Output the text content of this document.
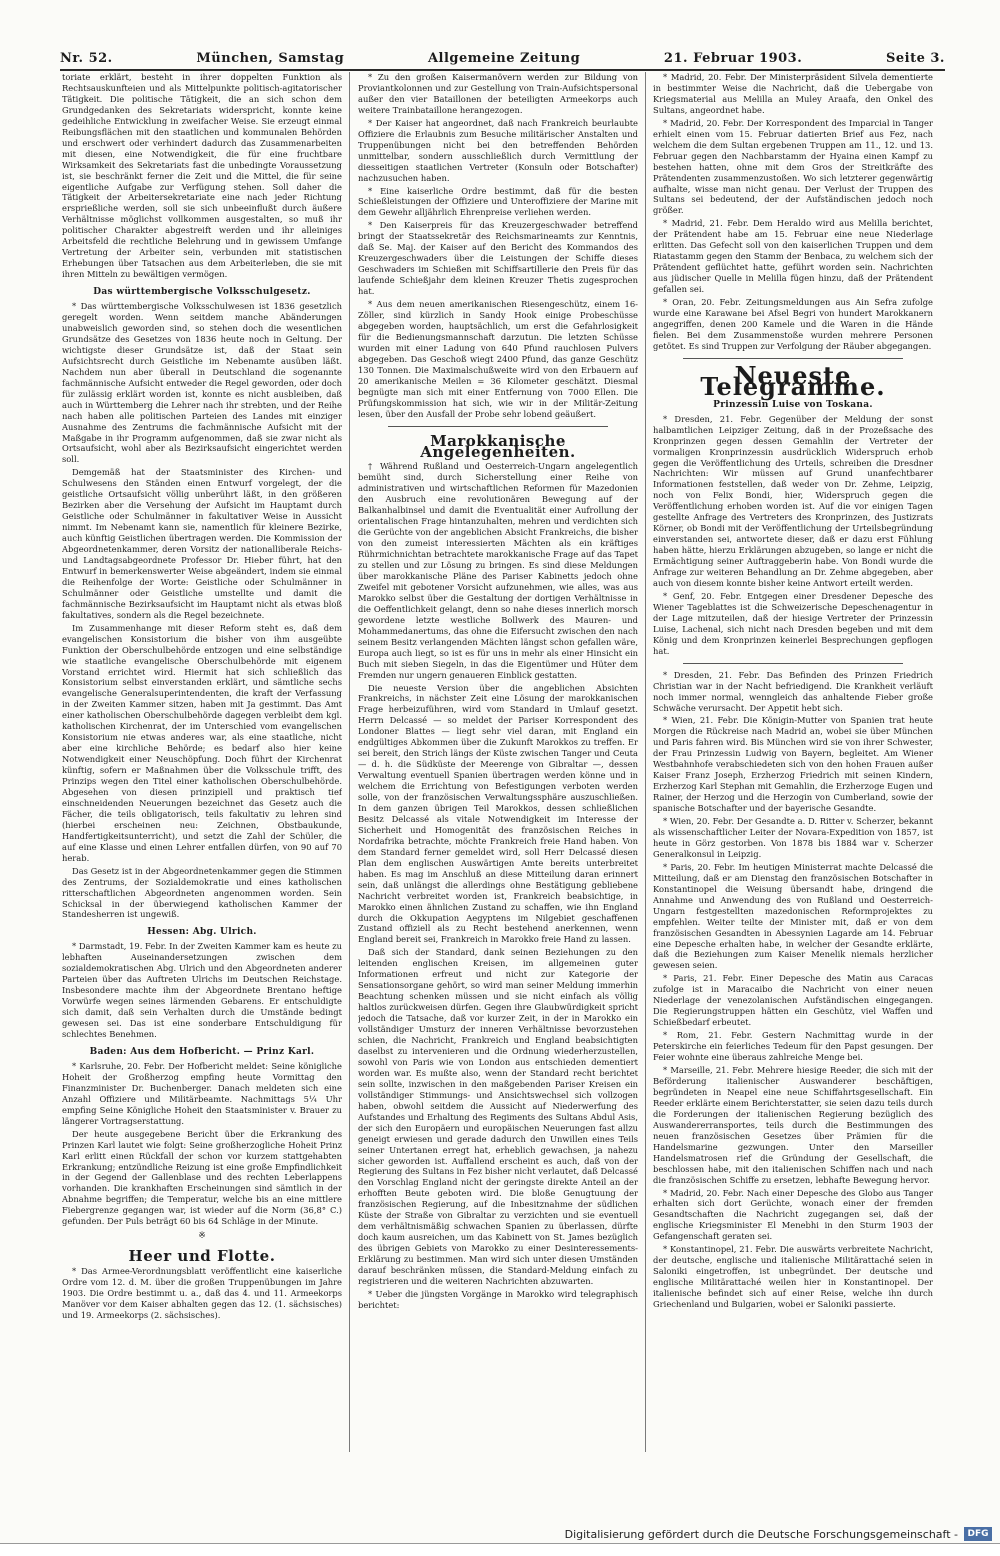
Nr. 52.	München, Samstag	Allgemeine Zeitung	21. Februar 1903.	Seite 3.

toriate erklärt, besteht in ihrer doppelten Funktion als Rechtsauskunfteien und als Mittelpunkte politisch-agitatorischer Tätigkeit. Die politische Tätigkeit, die an sich schon dem Grundgedanken des Sekretariats widerspricht, konnte keine gedeihliche Entwicklung in zweifacher Weise. Sie erzeugt einmal Reibungsflächen mit den staatlichen und kommunalen Behörden und erschwert oder verhindert dadurch das Zusammenarbeiten mit diesen, eine Notwendigkeit, die für eine fruchtbare Wirksamkeit des Sekretariats fast die unbedingte Voraussetzung ist, sie beschränkt ferner die Zeit und die Mittel, die für seine eigentliche Aufgabe zur Verfügung stehen. Soll daher die Tätigkeit der Arbeitersekretariate eine nach jeder Richtung ersprießliche werden, soll sie sich unbeeinflußt durch äußere Verhältnisse möglichst vollkommen ausgestalten, so muß ihr politischer Charakter abgestreift werden und ihr alleiniges Arbeitsfeld die rechtliche Belehrung und in gewissem Umfange Vertretung der Arbeiter sein, verbunden mit statistischen Erhebungen über Tatsachen aus dem Arbeiterleben, die sie mit ihren Mitteln zu bewältigen vermögen.

Das württembergische Volksschulgesetz.

* Das württembergische Volksschulwesen ist 1836 gesetzlich geregelt worden. Wenn seitdem manche Abänderungen unabweislich geworden sind, so stehen doch die wesentlichen Grundsätze des Gesetzes von 1836 heute noch in Geltung. Der wichtigste dieser Grundsätze ist, daß der Staat sein Aufsichtsrecht durch Geistliche im Nebenamte ausüben läßt. Nachdem nun aber überall in Deutschland die sogenannte fachmännische Aufsicht entweder die Regel geworden, oder doch für zulässig erklärt worden ist, konnte es nicht ausbleiben, daß auch in Württemberg die Lehrer nach ihr strebten, und der Reihe nach haben alle politischen Parteien des Landes mit einziger Ausnahme des Zentrums die fachmännische Aufsicht mit der Maßgabe in ihr Programm aufgenommen, daß sie zwar nicht als Ortsaufsicht, wohl aber als Bezirksaufsicht eingerichtet werden soll.

Demgemäß hat der Staatsminister des Kirchen- und Schulwesens den Ständen einen Entwurf vorgelegt, der die geistliche Ortsaufsicht völlig unberührt läßt, in den größeren Bezirken aber die Versehung der Aufsicht im Hauptamt durch Geistliche oder Schulmänner in fakultativer Weise in Aussicht nimmt. Im Nebenamt kann sie, namentlich für kleinere Bezirke, auch künftig Geistlichen übertragen werden. Die Kommission der Abgeordnetenkammer, deren Vorsitz der nationalliberale Reichs- und Landtagsabgeordnete Professor Dr. Hieber führt, hat den Entwurf in bemerkenswerter Weise abgeändert, indem sie einmal die Reihenfolge der Worte: Geistliche oder Schulmänner in Schulmänner oder Geistliche umstellte und damit die fachmännische Bezirksaufsicht im Hauptamt nicht als etwas bloß fakultatives, sondern als die Regel bezeichnete.

Im Zusammenhange mit dieser Reform steht es, daß dem evangelischen Konsistorium die bisher von ihm ausgeübte Funktion der Oberschulbehörde entzogen und eine selbständige wie staatliche evangelische Oberschulbehörde mit eigenem Vorstand errichtet wird. Hiermit hat sich schließlich das Konsistorium selbst einverstanden erklärt, und sämtliche sechs evangelische Generalsuperintendenten, die kraft der Verfassung in der Zweiten Kammer sitzen, haben mit Ja gestimmt. Das Amt einer katholischen Oberschulbehörde dagegen verbleibt dem kgl. katholischen Kirchenrat, der im Unterschied vom evangelischen Konsistorium nie etwas anderes war, als eine staatliche, nicht aber eine kirchliche Behörde; es bedarf also hier keine Notwendigkeit einer Neuschöpfung. Doch führt der Kirchenrat künftig, sofern er Maßnahmen über die Volksschule trifft, des Prinzips wegen den Titel einer katholischen Oberschulbehörde. Abgesehen von diesen prinzipiell und praktisch tief einschneidenden Neuerungen bezeichnet das Gesetz auch die Fächer, die teils obligatorisch, teils fakultativ zu lehren sind (hierbei erscheinen neu: Zeichnen, Obstbaukunde, Handfertigkeitsunterricht), und setzt die Zahl der Schüler, die auf eine Klasse und einen Lehrer entfallen dürfen, von 90 auf 70 herab.

Das Gesetz ist in der Abgeordnetenkammer gegen die Stimmen des Zentrums, der Sozialdemokratie und eines katholischen ritterschaftlichen Abgeordneten angenommen worden. Sein Schicksal in der überwiegend katholischen Kammer der Standesherren ist ungewiß.

Hessen: Abg. Ulrich.

* Darmstadt, 19. Febr. In der Zweiten Kammer kam es heute zu lebhaften Auseinandersetzungen zwischen dem sozialdemokratischen Abg. Ulrich und den Abgeordneten anderer Parteien über das Auftreten Ulrichs im Deutschen Reichstage. Insbesondere machte ihm der Abgeordnete Brentano heftige Vorwürfe wegen seines lärmenden Gebarens. Er entschuldigte sich damit, daß sein Verhalten durch die Umstände bedingt gewesen sei. Das ist eine sonderbare Entschuldigung für schlechtes Benehmen.

Baden: Aus dem Hofbericht. — Prinz Karl.

* Karlsruhe, 20. Febr. Der Hofbericht meldet: Seine königliche Hoheit der Großherzog empfing heute Vormittag den Finanzminister Dr. Buchenberger. Danach meldeten sich eine Anzahl Offiziere und Militärbeamte. Nachmittags 5¼ Uhr empfing Seine Königliche Hoheit den Staatsminister v. Brauer zu längerer Vortragserstattung.

Der heute ausgegebene Bericht über die Erkrankung des Prinzen Karl lautet wie folgt: Seine großherzogliche Hoheit Prinz Karl erlitt einen Rückfall der schon vor kurzem stattgehabten Erkrankung; entzündliche Reizung ist eine große Empfindlichkeit in der Gegend der Gallenblase und des rechten Leberlappens vorhanden. Die krankhaften Erscheinungen sind sämtlich in der Abnahme begriffen; die Temperatur, welche bis an eine mittlere Fiebergrenze gegangen war, ist wieder auf die Norm (36,8° C.) gefunden. Der Puls beträgt 60 bis 64 Schläge in der Minute.

※
Heer und Flotte.

* Das Armee-Verordnungsblatt veröffentlicht eine kaiserliche Ordre vom 12. d. M. über die großen Truppenübungen im Jahre 1903. Die Ordre bestimmt u. a., daß das 4. und 11. Armeekorps Manöver vor dem Kaiser abhalten gegen das 12. (1. sächsisches) und 19. Armeekorps (2. sächsisches).

* Zu den großen Kaisermanövern werden zur Bildung von Proviantkolonnen und zur Gestellung von Train-Aufsichtspersonal außer den vier Bataillonen der beteiligten Armeekorps auch weitere Trainbataillone herangezogen.

* Der Kaiser hat angeordnet, daß nach Frankreich beurlaubte Offiziere die Erlaubnis zum Besuche militärischer Anstalten und Truppenübungen nicht bei den betreffenden Behörden unmittelbar, sondern ausschließlich durch Vermittlung der diesseitigen staatlichen Vertreter (Konsuln oder Botschafter) nachzusuchen haben.

* Eine kaiserliche Ordre bestimmt, daß für die besten Schießleistungen der Offiziere und Unteroffiziere der Marine mit dem Gewehr alljährlich Ehrenpreise verliehen werden.

* Den Kaiserpreis für das Kreuzergeschwader betreffend bringt der Staatssekretär des Reichsmarineamts zur Kenntnis, daß Se. Maj. der Kaiser auf den Bericht des Kommandos des Kreuzergeschwaders über die Leistungen der Schiffe dieses Geschwaders im Schießen mit Schiffsartillerie den Preis für das laufende Schießjahr dem kleinen Kreuzer Thetis zugesprochen hat.

* Aus dem neuen amerikanischen Riesengeschütz, einem 16-Zöller, sind kürzlich in Sandy Hook einige Probeschüsse abgegeben worden, hauptsächlich, um erst die Gefahrlosigkeit für die Bedienungsmannschaft darzutun. Die letzten Schüsse wurden mit einer Ladung von 640 Pfund rauchlosen Pulvers abgegeben. Das Geschoß wiegt 2400 Pfund, das ganze Geschütz 130 Tonnen. Die Maximalschußweite wird von den Erbauern auf 20 amerikanische Meilen = 36 Kilometer geschätzt. Diesmal begnügte man sich mit einer Entfernung von 7000 Ellen. Die Prüfungskommission hat sich, wie wir in der Militär-Zeitung lesen, über den Ausfall der Probe sehr lobend geäußert.

Marokkanische Angelegenheiten.

† Während Rußland und Oesterreich-Ungarn angelegentlich bemüht sind, durch Sicherstellung einer Reihe von administrativen und wirtschaftlichen Reformen für Mazedonien den Ausbruch eine revolutionären Bewegung auf der Balkanhalbinsel und damit die Eventualität einer Aufrollung der orientalischen Frage hintanzuhalten, mehren und verdichten sich die Gerüchte von der angeblichen Absicht Frankreichs, die bisher von den zumeist interessierten Mächten als ein kräftiges Rührmichnichtan betrachtete marokkanische Frage auf das Tapet zu stellen und zur Lösung zu bringen. Es sind diese Meldungen über marokkanische Pläne des Pariser Kabinetts jedoch ohne Zweifel mit gebotener Vorsicht aufzunehmen, wie alles, was aus Marokko selbst über die Gestaltung der dortigen Verhältnisse in die Oeffentlichkeit gelangt, denn so nahe dieses innerlich morsch gewordene letzte westliche Bollwerk des Mauren- und Mohammedanertums, das ohne die Eifersucht zwischen den nach seinem Besitz verlangenden Mächten längst schon gefallen wäre, Europa auch liegt, so ist es für uns in mehr als einer Hinsicht ein Buch mit sieben Siegeln, in das die Eigentümer und Hüter dem Fremden nur ungern genaueren Einblick gestatten.

Die neueste Version über die angeblichen Absichten Frankreichs, in nächster Zeit eine Lösung der marokkanischen Frage herbeizuführen, wird vom Standard in Umlauf gesetzt. Herrn Delcassé — so meldet der Pariser Korrespondent des Londoner Blattes — liegt sehr viel daran, mit England ein endgültiges Abkommen über die Zukunft Marokkos zu treffen. Er sei bereit, den Strich längs der Küste zwischen Tanger und Ceuta — d. h. die Südküste der Meerenge von Gibraltar —, dessen Verwaltung eventuell Spanien übertragen werden könne und in welchem die Errichtung von Befestigungen verboten werden solle, von der französischen Verwaltungssphäre auszuschließen. In dem ganzen übrigen Teil Marokkos, dessen schließlichen Besitz Delcassé als vitale Notwendigkeit im Interesse der Sicherheit und Homogenität des französischen Reiches in Nordafrika betrachte, möchte Frankreich freie Hand haben. Von dem Standard ferner gemeldet wird, soll Herr Delcassé diesen Plan dem englischen Auswärtigen Amte bereits unterbreitet haben. Es mag im Anschluß an diese Mitteilung daran erinnert sein, daß unlängst die allerdings ohne Bestätigung gebliebene Nachricht verbreitet worden ist, Frankreich beabsichtige, in Marokko einen ähnlichen Zustand zu schaffen, wie ihn England durch die Okkupation Aegyptens im Nilgebiet geschaffenen Zustand offiziell als zu Recht bestehend anerkennen, wenn England bereit sei, Frankreich in Marokko freie Hand zu lassen.

Daß sich der Standard, dank seinen Beziehungen zu den leitenden englischen Kreisen, im allgemeinen guter Informationen erfreut und nicht zur Kategorie der Sensationsorgane gehört, so wird man seiner Meldung immerhin Beachtung schenken müssen und sie nicht einfach als völlig haltlos zurückweisen dürfen. Gegen ihre Glaubwürdigkeit spricht jedoch die Tatsache, daß vor kurzer Zeit, in der in Marokko ein vollständiger Umsturz der inneren Verhältnisse bevorzustehen schien, die Nachricht, Frankreich und England beabsichtigten daselbst zu intervenieren und die Ordnung wiederherzustellen, sowohl von Paris wie von London aus entschieden dementiert worden war. Es mußte also, wenn der Standard recht berichtet sein sollte, inzwischen in den maßgebenden Pariser Kreisen ein vollständiger Stimmungs- und Ansichtswechsel sich vollzogen haben, obwohl seitdem die Aussicht auf Niederwerfung des Aufstandes und Erhaltung des Regiments des Sultans Abdul Asis, der sich den Europäern und europäischen Neuerungen fast allzu geneigt erwiesen und gerade dadurch den Unwillen eines Teils seiner Untertanen erregt hat, erheblich gewachsen, ja nahezu sicher geworden ist. Auffallend erscheint es auch, daß von der Regierung des Sultans in Fez bisher nicht verlautet, daß Delcassé den Vorschlag England nicht der geringste direkte Anteil an der erhofften Beute geboten wird. Die bloße Genugtuung der französischen Regierung, auf die Inbesitznahme der südlichen Küste der Straße von Gibraltar zu verzichten und sie eventuell dem verhältnismäßig schwachen Spanien zu überlassen, dürfte doch kaum ausreichen, um das Kabinett von St. James bezüglich des übrigen Gebiets von Marokko zu einer Desinteressements-Erklärung zu bestimmen. Man wird sich unter diesen Umständen darauf beschränken müssen, die Standard-Meldung einfach zu registrieren und die weiteren Nachrichten abzuwarten.

* Ueber die jüngsten Vorgänge in Marokko wird telegraphisch berichtet:

* Madrid, 20. Febr. Der Ministerpräsident Silvela dementierte in bestimmter Weise die Nachricht, daß die Uebergabe von Kriegsmaterial aus Melilla an Muley Araafa, den Onkel des Sultans, angeordnet habe.

* Madrid, 20. Febr. Der Korrespondent des Imparcial in Tanger erhielt einen vom 15. Februar datierten Brief aus Fez, nach welchem die dem Sultan ergebenen Truppen am 11., 12. und 13. Februar gegen den Nachbarstamm der Hyaina einen Kampf zu bestehen hatten, ohne mit dem Gros der Streitkräfte des Prätendenten zusammenzustoßen. Wo sich letzterer gegenwärtig aufhalte, wisse man nicht genau. Der Verlust der Truppen des Sultans sei bedeutend, der der Aufständischen jedoch noch größer.

* Madrid, 21. Febr. Dem Heraldo wird aus Melilla berichtet, der Prätendent habe am 15. Februar eine neue Niederlage erlitten. Das Gefecht soll von den kaiserlichen Truppen und dem Riatastamm gegen den Stamm der Benbaca, zu welchem sich der Prätendent geflüchtet hatte, geführt worden sein. Nachrichten aus jüdischer Quelle in Melilla fügen hinzu, daß der Prätendent gefallen sei.

* Oran, 20. Febr. Zeitungsmeldungen aus Ain Sefra zufolge wurde eine Karawane bei Afsel Begri von hundert Marokkanern angegriffen, denen 200 Kamele und die Waren in die Hände fielen. Bei dem Zusammenstoße wurden mehrere Personen getötet. Es sind Truppen zur Verfolgung der Räuber abgegangen.

Neueste Telegramme.
Prinzessin Luise von Toskana.

* Dresden, 21. Febr. Gegenüber der Meldung der sonst halbamtlichen Leipziger Zeitung, daß in der Prozeßsache des Kronprinzen gegen dessen Gemahlin der Vertreter der vormaligen Kronprinzessin ausdrücklich Widerspruch erhob gegen die Veröffentlichung des Urteils, schreiben die Dresdner Nachrichten: Wir müssen auf Grund unanfechtbarer Informationen feststellen, daß weder von Dr. Zehme, Leipzig, noch von Felix Bondi, hier, Widerspruch gegen die Veröffentlichung erhoben worden ist. Auf die vor einigen Tagen gestellte Anfrage des Vertreters des Kronprinzen, des Justizrats Körner, ob Bondi mit der Veröffentlichung der Urteilsbegründung einverstanden sei, antwortete dieser, daß er dazu erst Fühlung haben hätte, hierzu Erklärungen abzugeben, so lange er nicht die Ermächtigung seiner Auftraggeberin habe. Von Bondi wurde die Anfrage zur weiteren Behandlung an Dr. Zehme abgegeben, aber auch von diesem konnte bisher keine Antwort erteilt werden.

* Genf, 20. Febr. Entgegen einer Dresdener Depesche des Wiener Tageblattes ist die Schweizerische Depeschenagentur in der Lage mitzuteilen, daß der hiesige Vertreter der Prinzessin Luise, Lachenal, sich nicht nach Dresden begeben und mit dem König und dem Kronprinzen keinerlei Besprechungen gepflogen hat.

* Dresden, 21. Febr. Das Befinden des Prinzen Friedrich Christian war in der Nacht befriedigend. Die Krankheit verläuft noch immer normal, wenngleich das anhaltende Fieber große Schwäche verursacht. Der Appetit hebt sich.

* Wien, 21. Febr. Die Königin-Mutter von Spanien trat heute Morgen die Rückreise nach Madrid an, wobei sie über München und Paris fahren wird. Bis München wird sie von ihrer Schwester, der Frau Prinzessin Ludwig von Bayern, begleitet. Am Wiener Westbahnhofe verabschiedeten sich von den hohen Frauen außer Kaiser Franz Joseph, Erzherzog Friedrich mit seinen Kindern, Erzherzog Karl Stephan mit Gemahlin, die Erzherzoge Eugen und Rainer, der Herzog und die Herzogin von Cumberland, sowie der spanische Botschafter und der bayerische Gesandte.

* Wien, 20. Febr. Der Gesandte a. D. Ritter v. Scherzer, bekannt als wissenschaftlicher Leiter der Novara-Expedition von 1857, ist heute in Görz gestorben. Von 1878 bis 1884 war v. Scherzer Generalkonsul in Leipzig.

* Paris, 20. Febr. Im heutigen Ministerrat machte Delcassé die Mitteilung, daß er am Dienstag den französischen Botschafter in Konstantinopel die Weisung übersandt habe, dringend die Annahme und Anwendung des von Rußland und Oesterreich-Ungarn festgestellten mazedonischen Reformprojektes zu empfehlen. Weiter teilte der Minister mit, daß er von dem französischen Gesandten in Abessynien Lagarde am 14. Februar eine Depesche erhalten habe, in welcher der Gesandte erklärte, daß die Beziehungen zum Kaiser Menelik niemals herzlicher gewesen seien.

* Paris, 21. Febr. Einer Depesche des Matin aus Caracas zufolge ist in Maracaibo die Nachricht von einer neuen Niederlage der venezolanischen Aufständischen eingegangen. Die Regierungstruppen hätten ein Geschütz, viel Waffen und Schießbedarf erbeutet.

* Rom, 21. Febr. Gestern Nachmittag wurde in der Peterskirche ein feierliches Tedeum für den Papst gesungen. Der Feier wohnte eine überaus zahlreiche Menge bei.

* Marseille, 21. Febr. Mehrere hiesige Reeder, die sich mit der Beförderung italienischer Auswanderer beschäftigen, begründeten in Neapel eine neue Schiffahrtsgesellschaft. Ein Reeder erklärte einem Berichterstatter, sie seien dazu teils durch die Forderungen der italienischen Regierung bezüglich des Auswandererransportes, teils durch die Bestimmungen des neuen französischen Gesetzes über Prämien für die Handelsmarine gezwungen. Unter den Marseiller Handelsmatrosen rief die Gründung der Gesellschaft, die beschlossen habe, mit den italienischen Schiffen nach und nach die französischen Schiffe zu ersetzen, lebhafte Bewegung hervor.

* Madrid, 20. Febr. Nach einer Depesche des Globo aus Tanger erhalten sich dort Gerüchte, wonach einer der fremden Gesandtschaften die Nachricht zugegangen sei, daß der englische Kriegsminister El Menebhi in den Sturm 1903 der Gefangenschaft geraten sei.

* Konstantinopel, 21. Febr. Die auswärts verbreitete Nachricht, der deutsche, englische und italienische Militärattaché seien in Saloniki eingetroffen, ist unbegründet. Der deutsche und englische Militärattaché weilen hier in Konstantinopel. Der italienische befindet sich auf einer Reise, welche ihn durch Griechenland und Bulgarien, wobei er Saloniki passierte.

Digitalisierung gefördert durch die Deutsche Forschungsgemeinschaft -	DFG
